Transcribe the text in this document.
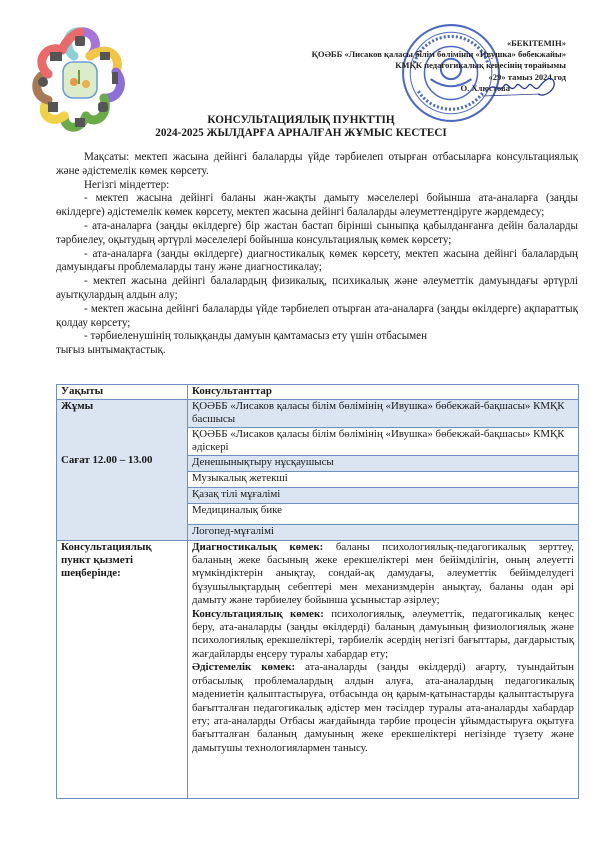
«БЕКІТЕМІН»
ҚОӘББ «Лисаков қаласы білім бөлімінің «Ивушка» бөбекжайы»
КМҚК педагогикалық кеңесінің төрайымы
«29» тамыз 2024 год
О. Хлюстова
КОНСУЛЬТАЦИЯЛЫҚ ПУНКТТІҢ
2024-2025 ЖЫЛДАРҒА АРНАЛҒАН ЖҰМЫС КЕСТЕСІ

Мақсаты: мектеп жасына дейінгі балаларды үйде тәрбиелеп отырған отбасыларға консультациялық және әдістемелік көмек көрсету.

Негізгі міндеттер:

- мектеп жасына дейінгі баланы жан-жақты дамыту мәселелері бойынша ата-аналарға (заңды өкілдерге) әдістемелік көмек көрсету, мектеп жасына дейінгі балаларды әлеуметтендіруге жәрдемдесу;

- ата-аналарға (заңды өкілдерге) бір жастан бастап бірінші сыныпқа қабылданғанға дейін балаларды тәрбиелеу, оқытудың әртүрлі мәселелері бойынша консультациялық көмек көрсету;

- ата-аналарға (заңды өкілдерге) диагностикалық көмек көрсету, мектеп жасына дейінгі балалардың дамуындағы проблемаларды тану және диагностикалау;

- мектеп жасына дейінгі балалардың физикалық, психикалық және әлеуметтік дамуындағы әртүрлі ауытқулардың алдын алу;

- мектеп жасына дейінгі балаларды үйде тәрбиелеп отырған ата-аналарға (заңды өкілдерге) ақпараттық қолдау көрсету;

- тәрбиеленушінің толыққанды дамуын қамтамасыз ету үшін отбасымен тығыз ынтымақтастық.

Уақыты	Консультанттар

Жұмы
Сағат 12.00 – 13.00	ҚОӘББ «Лисаков қаласы білім бөлімінің «Ивушка» бөбекжай-бақшасы» КМҚК басшысы
	ҚОӘББ «Лисаков қаласы білім бөлімінің «Ивушка» бөбекжай-бақшасы» КМҚК әдіскері
	Денешынықтыру нұсқаушысы
	Музыкалық жетекші
	Қазақ тілі мұғалімі
	Медициналық бике
	Логопед-мұғалімі
Консультациялық пункт қызметі шеңберінде:	Диагностикалық көмек: баланы психологиялық-педагогикалық зерттеу, баланың жеке басының жеке ерекшеліктері мен бейімділігін, оның әлеуетті мүмкіндіктерін анықтау, сондай-ақ дамудағы, әлеуметтік бейімделудегі бұзушылықтардың себептері мен механизмдерін анықтау, баланы одан әрі дамыту және тәрбиелеу бойынша ұсыныстар әзірлеу;

Консультациялық көмек: психологиялық, әлеуметтік, педагогикалық кеңес беру, ата-аналарды (заңды өкілдерді) баланың дамуының физиологиялық және психологиялық ерекшеліктері, тәрбиелік әсердің негізгі бағыттары, дағдарыстық жағдайларды еңсеру туралы хабардар ету;

Әдістемелік көмек: ата-аналарды (заңды өкілдерді) ағарту, туындайтын отбасылық проблемалардың алдын алуға, ата-аналардың педагогикалық мәдениетін қалыптастыруға, отбасында оң қарым-қатынастарды қалыптастыруға бағытталған педагогикалық әдістер мен тәсілдер туралы ата-аналарды хабардар ету; ата-аналарды Отбасы жағдайында тәрбие процесін ұйымдастыруға оқытуға бағытталған баланың дамуының жеке ерекшеліктері негізінде түзету және дамытушы технологиялармен танысу.
